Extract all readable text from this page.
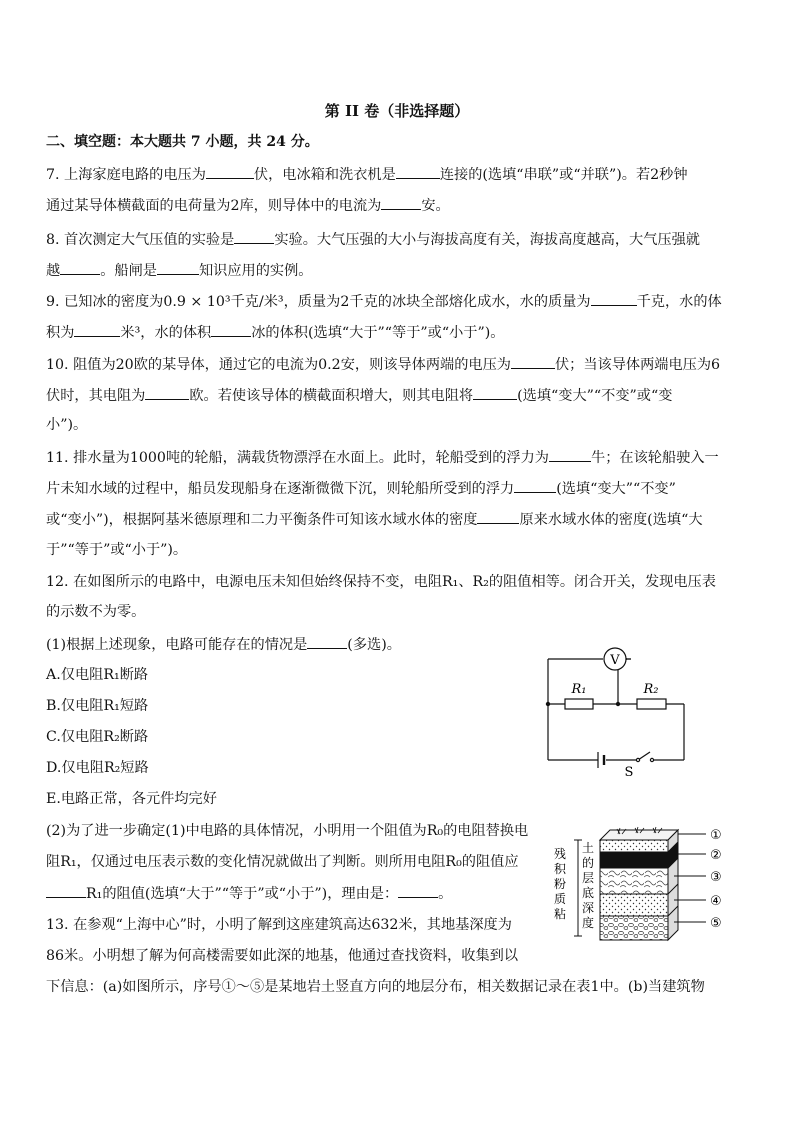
第 II 卷（非选择题）
二、填空题：本大题共 7 小题，共 24 分。
7. 上海家庭电路的电压为	伏，电冰箱和洗衣机是	连接的(选填“串联”或“并联”)。若2秒钟
通过某导体横截面的电荷量为2库，则导体中的电流为	安。
8. 首次测定大气压值的实验是	实验。大气压强的大小与海拔高度有关，海拔高度越高，大气压强就
越	。船闸是	知识应用的实例。
9. 已知冰的密度为0.9 × 10³千克/米³，质量为2千克的冰块全部熔化成水，水的质量为	千克，水的体
积为	米³，水的体积	冰的体积(选填“大于”“等于”或“小于”)。
10. 阻值为20欧的某导体，通过它的电流为0.2安，则该导体两端的电压为	伏；当该导体两端电压为6
伏时，其电阻为	欧。若使该导体的横截面积增大，则其电阻将	(选填“变大”“不变”或“变
小”)。
11. 排水量为1000吨的轮船，满载货物漂浮在水面上。此时，轮船受到的浮力为	牛；在该轮船驶入一
片未知水域的过程中，船员发现船身在逐渐微微下沉，则轮船所受到的浮力	(选填“变大”“不变”
或“变小”)，根据阿基米德原理和二力平衡条件可知该水域水体的密度	原来水域水体的密度(选填“大
于”“等于”或“小于”)。
12. 在如图所示的电路中，电源电压未知但始终保持不变，电阻R₁、R₂的阻值相等。闭合开关，发现电压表
的示数不为零。
(1)根据上述现象，电路可能存在的情况是	(多选)。
A.仅电阻R₁断路
B.仅电阻R₁短路
C.仅电阻R₂断路
D.仅电阻R₂短路
E.电路正常，各元件均完好
(2)为了进一步确定(1)中电路的具体情况，小明用一个阻值为R₀的电阻替换电
阻R₁，仅通过电压表示数的变化情况就做出了判断。则所用电阻R₀的阻值应
R₁的阻值(选填“大于”“等于”或“小于”)，理由是：	。
13. 在参观“上海中心”时，小明了解到这座建筑高达632米，其地基深度为
86米。小明想了解为何高楼需要如此深的地基，他通过查找资料，收集到以
下信息：(a)如图所示，序号①～⑤是某地岩土竖直方向的地层分布，相关数据记录在表1中。(b)当建筑物
V
R₁	R₂
S
残积粉质粘土的层底深度
①
②
③
④
⑤
